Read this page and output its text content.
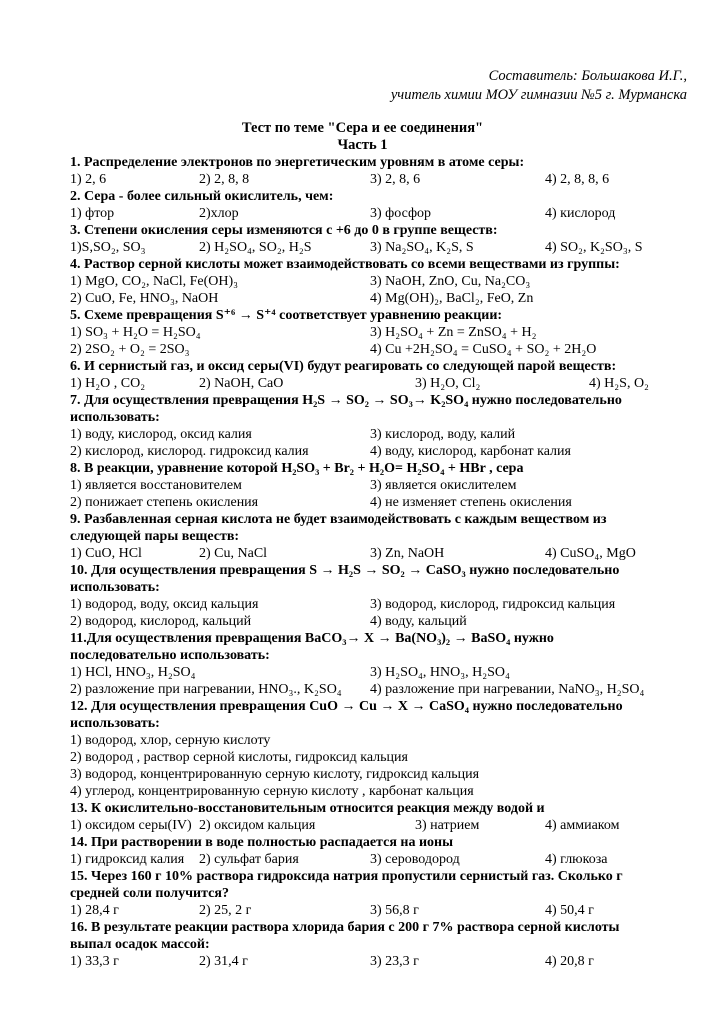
Составитель: Большакова И.Г.,
учитель химии МОУ гимназии №5 г. Мурманска
Тест по теме "Сера и ее соединения"
Часть 1
1. Распределение электронов по энергетическим уровням в атоме серы:
1) 2, 6	2) 2, 8, 8	3) 2, 8, 6	4) 2, 8, 8, 6
2. Сера - более сильный окислитель, чем:
1) фтор	2)хлор	3) фосфор	4) кислород
3. Степени окисления серы изменяются с +6 до 0 в группе веществ:
1)S,SO₂, SO₃	2) H₂SO₄, SO₂, H₂S	3) Na₂SO₄, K₂S, S	4) SO₂, K₂SO₃, S
4. Раствор серной кислоты может взаимодействовать со всеми веществами из группы:
1) MgO, CO₂, NaCl, Fe(OH)₃	3) NaOH, ZnO, Cu, Na₂CO₃
2) CuO, Fe, HNO₃, NaOH	4) Mg(OH)₂, BaCl₂, FeO, Zn
5. Схеме превращения S⁺⁶ → S⁺⁴ соответствует уравнению реакции:
1) SO₃ + H₂O = H₂SO₄	3) H₂SO₄ + Zn = ZnSO₄ + H₂
2) 2SO₂ + O₂ = 2SO₃	4) Cu +2H₂SO₄ = CuSO₄ + SO₂ + 2H₂O
6. И сернистый газ, и оксид серы(VI) будут реагировать со следующей парой веществ:
1) H₂O , CO₂	2) NaOH, CaO	3) H₂O, Cl₂	4) H₂S, O₂
7. Для осуществления превращения H₂S → SO₂ → SO₃→ K₂SO₄ нужно последовательно
использовать:
1) воду, кислород, оксид калия	3) кислород, воду, калий
2) кислород, кислород. гидроксид калия	4) воду, кислород, карбонат калия
8. В реакции, уравнение которой H₂SO₃ + Br₂ + H₂O= H₂SO₄ + HBr , сера
1) является восстановителем	3) является окислителем
2) понижает степень окисления	4) не изменяет степень окисления
9. Разбавленная серная кислота не будет взаимодействовать с каждым веществом из
следующей пары веществ:
1) CuO, HCl	2) Cu, NaCl	3) Zn, NaOH	4) CuSO₄, MgO
10. Для осуществления превращения S → H₂S → SO₂ → CaSO₃ нужно последовательно
использовать:
1) водород, воду, оксид кальция	3) водород, кислород, гидроксид кальция
2) водород, кислород, кальций	4) воду, кальций
11.Для осуществления превращения BaCO₃→ X → Ba(NO₃)₂ → BaSO₄ нужно
последовательно использовать:
1) HCl, HNO₃, H₂SO₄	3) H₂SO₄, HNO₃, H₂SO₄
2) разложение при нагревании, HNO₃., K₂SO₄ 4) разложение при нагревании, NaNO₃, H₂SO₄
12. Для осуществления превращения CuO → Cu → X → CaSO₄ нужно последовательно
использовать:
1) водород, хлор, серную кислоту
2) водород , раствор серной кислоты, гидроксид кальция
3) водород, концентрированную серную кислоту, гидроксид кальция
4) углерод, концентрированную серную кислоту , карбонат кальция
13. К окислительно-восстановительным относится реакция между водой и
1) оксидом серы(IV) 2) оксидом кальция	3) натрием	4) аммиаком
14. При растворении в воде полностью распадается на ионы
1) гидроксид калия 2) сульфат бария	3) сероводород	4) глюкоза
15. Через 160 г 10% раствора гидроксида натрия пропустили сернистый газ. Сколько г
средней соли получится?
1) 28,4 г	2) 25, 2 г	3) 56,8 г	4) 50,4 г
16. В результате реакции раствора хлорида бария с 200 г 7% раствора серной кислоты
выпал осадок массой:
1) 33,3 г	2) 31,4 г	3) 23,3 г	4) 20,8 г
